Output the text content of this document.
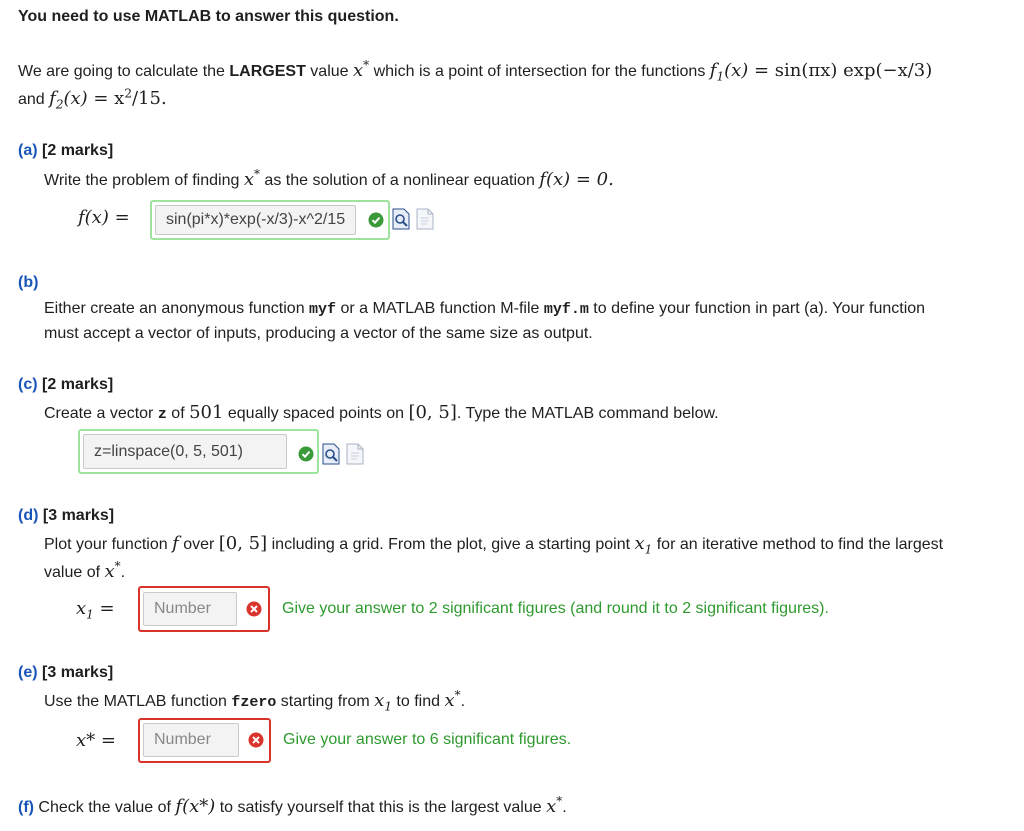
You need to use MATLAB to answer this question.
We are going to calculate the LARGEST value x* which is a point of intersection for the functions $f_1(x) = \sin(\pi x)$ exp(−x/3)
and $f_2(x) = x^2/15$.
(a) [2 marks]
Write the problem of finding x* as the solution of a nonlinear equation f(x) = 0.
f(x) =
sin(pi*x)*exp(-x/3)-x^2/15
(b)
Either create an anonymous function myf or a MATLAB function M-file myf.m to define your function in part (a). Your function
must accept a vector of inputs, producing a vector of the same size as output.
(c) [2 marks]
Create a vector z of 501 equally spaced points on [0, 5]. Type the MATLAB command below.
z=linspace(0, 5, 501)
(d) [3 marks]
Plot your function f over [0, 5] including a grid. From the plot, give a starting point $x_1$ for an iterative method to find the largest
value of x*.
$x_1$ =
Number	Give your answer to 2 significant figures (and round it to 2 significant figures).
(e) [3 marks]
Use the MATLAB function fzero starting from $x_1$ to find x*.
x* =
Number	Give your answer to 6 significant figures.
(f) Check the value of f(x*) to satisfy yourself that this is the largest value x*.
